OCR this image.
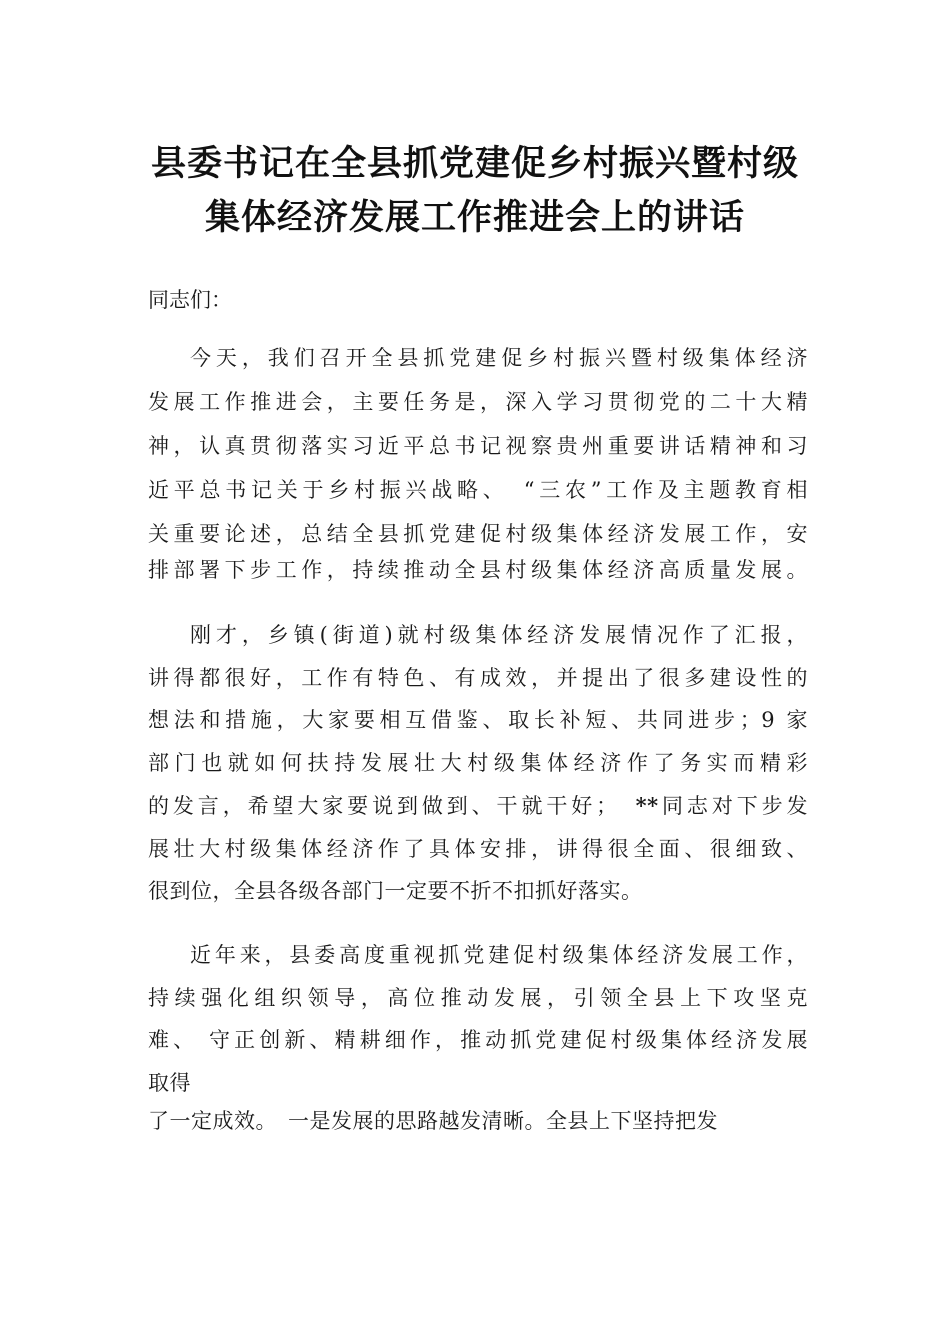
县委书记在全县抓党建促乡村振兴暨村级
集体经济发展工作推进会上的讲话
同志们：
今天，我们召开全县抓党建促乡村振兴暨村级集体经济
发展工作推进会，主要任务是，深入学习贯彻党的二十大精
神，认真贯彻落实习近平总书记视察贵州重要讲话精神和习
近平总书记关于乡村振兴战略、　“三农”工作及主题教育相
关重要论述，总结全县抓党建促村级集体经济发展工作，安
排部署下步工作，持续推动全县村级集体经济高质量发展。
刚才，乡镇(街道)就村级集体经济发展情况作了汇报，
讲得都很好，工作有特色、有成效，并提出了很多建设性的
想法和措施，大家要相互借鉴、取长补短、共同进步；9 家
部门也就如何扶持发展壮大村级集体经济作了务实而精彩
的发言，希望大家要说到做到、干就干好； **同志对下步发
展壮大村级集体经济作了具体安排，讲得很全面、很细致、
很到位，全县各级各部门一定要不折不扣抓好落实。
近年来，县委高度重视抓党建促村级集体经济发展工作，
持续强化组织领导，高位推动发展，引领全县上下攻坚克
难、 守正创新、精耕细作，推动抓党建促村级集体经济发展
取得
了一定成效。　一是发展的思路越发清晰。全县上下坚持把发
